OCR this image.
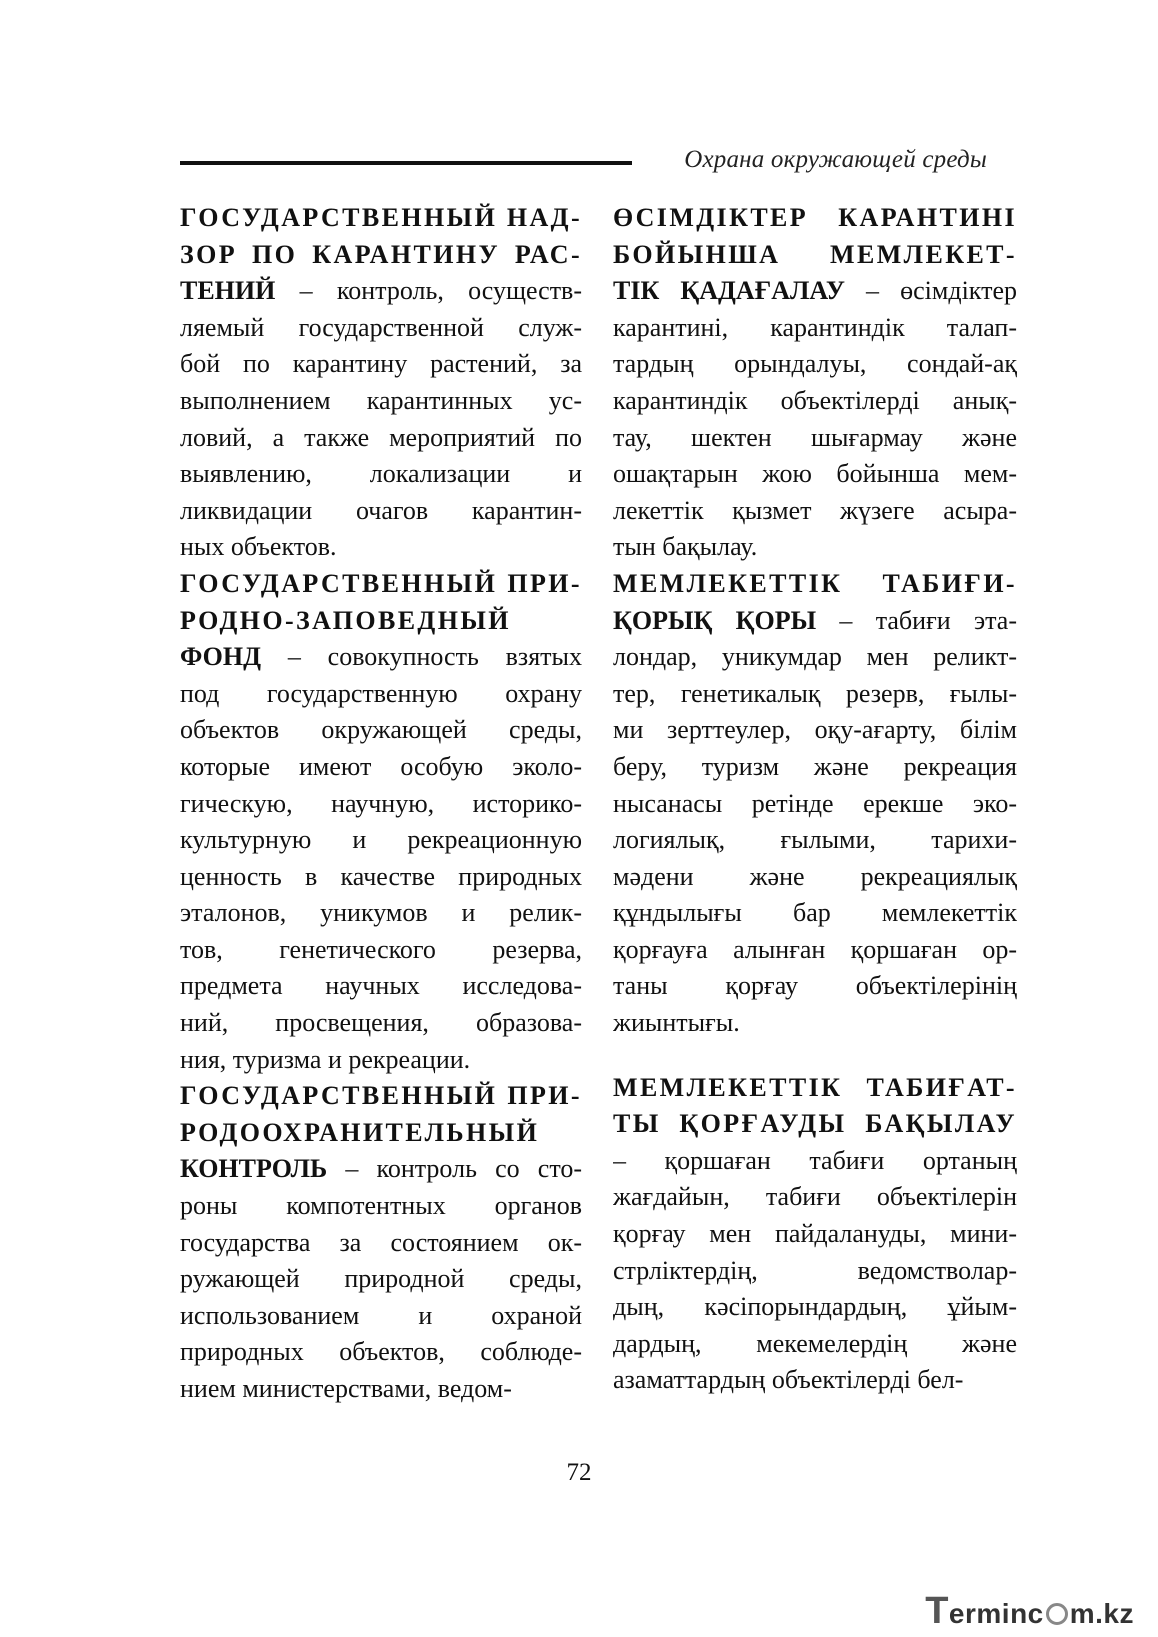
Охрана окружающей среды
ГОСУДАРСТВЕННЫЙ НАД-
ЗОР ПО КАРАНТИНУ РАС-
ТЕНИЙ – контроль, осуществ-
ляемый государственной служ-
бой по карантину растений, за
выполнением карантинных ус-
ловий, а также мероприятий по
выявлению, локализации и
ликвидации очагов карантин-
ных объектов.
ГОСУДАРСТВЕННЫЙ ПРИ-
РОДНО-ЗАПОВЕДНЫЙ
ФОНД – совокупность взятых
под государственную охрану
объектов окружающей среды,
которые имеют особую эколо-
гическую, научную, историко-
культурную и рекреационную
ценность в качестве природных
эталонов, уникумов и релик-
тов, генетического резерва,
предмета научных исследова-
ний, просвещения, образова-
ния, туризма и рекреации.
ГОСУДАРСТВЕННЫЙ ПРИ-
РОДООХРАНИТЕЛЬНЫЙ
КОНТРОЛЬ – контроль со сто-
роны компотентных органов
государства за состоянием ок-
ружающей природной среды,
использованием и охраной
природных объектов, соблюде-
нием министерствами, ведом-
ӨСІМДІКТЕР КАРАНТИНІ
БОЙЫНША МЕМЛЕКЕТ-
ТІК ҚАДАҒАЛАУ – өсімдіктер
карантині, карантиндік талап-
тардың орындалуы, сондай-ақ
карантиндік объектілерді анық-
тау, шектен шығармау және
ошақтарын жою бойынша мем-
лекеттік қызмет жүзеге асыра-
тын бақылау.
МЕМЛЕКЕТТІК ТАБИҒИ-
ҚОРЫҚ ҚОРЫ – табиғи эта-
лондар, уникумдар мен реликт-
тер, генетикалық резерв, ғылы-
ми зерттеулер, оқу-ағарту, білім
беру, туризм және рекреация
нысанасы ретінде ерекше эко-
логиялық, ғылыми, тарихи-
мәдени және рекреациялық
құндылығы бар мемлекеттік
қорғауға алынған қоршаған ор-
таны қорғау объектілерінің
жиынтығы.
МЕМЛЕКЕТТІК ТАБИҒАТ-
ТЫ ҚОРҒАУДЫ БАҚЫЛАУ
– қоршаған табиғи ортаның
жағдайын, табиғи объектілерін
қорғау мен пайдалануды, мини-
стрліктердің, ведомстволар-
дың, кәсіпорындардың, ұйым-
дардың, мекемелердің және
азаматтардың объектілерді бел-
72
Terminc m.kz
